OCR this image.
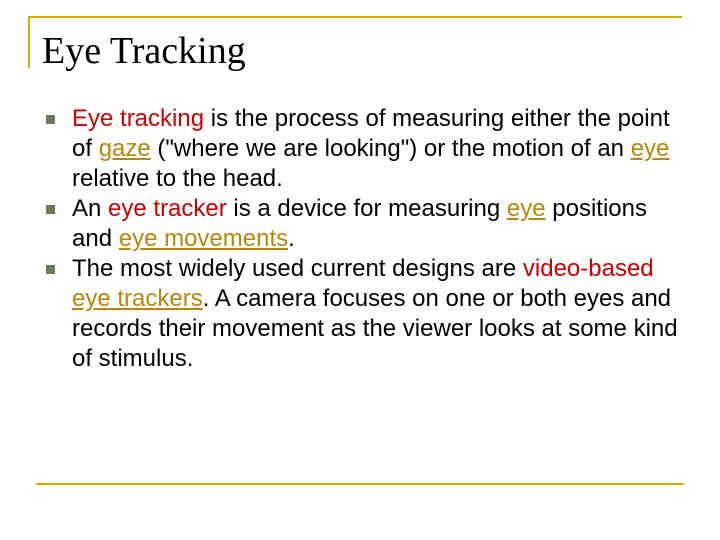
Eye Tracking
Eye tracking is the process of measuring either the point of gaze ("where we are looking") or the motion of an eye relative to the head.
An eye tracker is a device for measuring eye positions and eye movements.
The most widely used current designs are video-based eye trackers. A camera focuses on one or both eyes and records their movement as the viewer looks at some kind of stimulus.
